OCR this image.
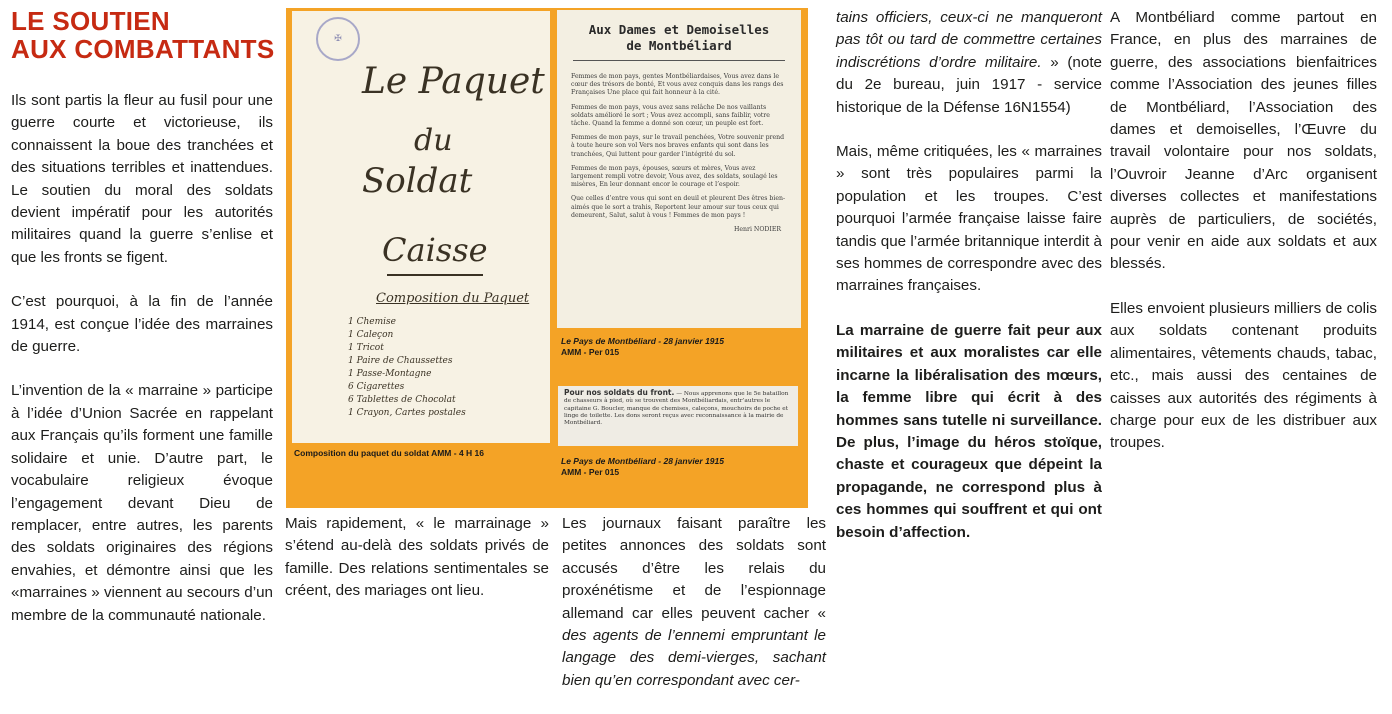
LE SOUTIEN
AUX COMBATTANTS

Ils sont partis la fleur au fusil pour une guerre courte et victorieuse, ils connaissent la boue des tranchées et des situations terribles et inattendues. Le soutien du moral des soldats devient impératif pour les autorités militaires quand la guerre s’enlise et que les fronts se figent.

C’est pourquoi, à la fin de l’année 1914, est conçue l’idée des marraines de guerre.

L’invention de la « marraine » participe à l’idée d’Union Sacrée en rappelant aux Français qu’ils forment une famille solidaire et unie. D’autre part, le vocabulaire religieux évoque l’engagement devant Dieu de remplacer, entre autres, les parents des soldats originaires des régions envahies, et démontre ainsi que les «marraines » viennent au secours d’un membre de la communauté nationale.

✠
Le Paquet
du
Soldat
Caisse
Composition du Paquet
1 Chemise
1 Caleçon
1 Tricot
1 Paire de Chaussettes
1 Passe-Montagne
6 Cigarettes
6 Tablettes de Chocolat
1 Crayon, Cartes postales
Composition du paquet du soldat AMM - 4 H 16
Aux Dames et Demoiselles
de Montbéliard

Femmes de mon pays, gentes Montbéliardaises, Vous avez dans le cœur des trésors de bonté, Et vous avez conquis dans les rangs des Françaises Une place qui fait honneur à la cité.

Femmes de mon pays, vous avez sans relâche De nos vaillants soldats amélioré le sort ; Vous avez accompli, sans faiblir, votre tâche. Quand la femme a donné son cœur, un peuple est fort.

Femmes de mon pays, sur le travail penchées, Votre souvenir prend à toute heure son vol Vers nos braves enfants qui sont dans les tranchées, Qui luttent pour garder l’intégrité du sol.

Femmes de mon pays, épouses, sœurs et mères, Vous avez largement rempli votre devoir, Vous avez, des soldats, soulagé les misères, En leur donnant encor le courage et l’espoir.

Que celles d’entre vous qui sont en deuil et pleurent Des êtres bien-aimés que le sort a trahis, Reportent leur amour sur tous ceux qui demeurent, Salut, salut à vous ! Femmes de mon pays !

Henri NODIER
Le Pays de Montbéliard - 28 janvier 1915
AMM - Per 015
Pour nos soldats du front. — Nous apprenons que le 5e bataillon de chasseurs à pied, où se trouvent des Montbéliardais, entr’autres le capitaine G. Boucler, manque de chemises, caleçons, mouchoirs de poche et linge de toilette. Les dons seront reçus avec reconnaissance à la mairie de Montbéliard.
Le Pays de Montbéliard - 28 janvier 1915
AMM - Per 015

Mais rapidement, « le marrainage » s’étend au-delà des soldats privés de famille. Des relations sentimentales se créent, des mariages ont lieu.

Les journaux faisant paraître les petites annonces des soldats sont accusés d’être les relais du proxénétisme et de l’espionnage allemand car elles peuvent cacher « des agents de l’ennemi empruntant le langage des demi-vierges, sachant bien qu’en correspondant avec cer-

tains officiers, ceux-ci ne manqueront pas tôt ou tard de commettre certaines indiscrétions d’ordre militaire. » (note du 2e bureau, juin 1917 - service historique de la Défense 16N1554)

Mais, même critiquées, les « marraines » sont très populaires parmi la population et les troupes. C’est pourquoi l’armée française laisse faire tandis que l’armée britannique interdit à ses hommes de correspondre avec des marraines françaises.

La marraine de guerre fait peur aux militaires et aux moralistes car elle incarne la libéralisation des mœurs, la femme libre qui écrit à des hommes sans tutelle ni surveillance. De plus, l’image du héros stoïque, chaste et courageux que dépeint la propagande, ne correspond plus à ces hommes qui souffrent et qui ont besoin d’affection.

A Montbéliard comme partout en France, en plus des marraines de guerre, des associations bienfaitrices comme l’Association des jeunes filles de Montbéliard, l’Association des dames et demoiselles, l’Œuvre du travail volontaire pour nos soldats, l’Ouvroir Jeanne d’Arc organisent diverses collectes et manifestations auprès de particuliers, de sociétés, pour venir en aide aux soldats et aux blessés.

Elles envoient plusieurs milliers de colis aux soldats contenant produits alimentaires, vêtements chauds, tabac, etc., mais aussi des centaines de caisses aux autorités des régiments à charge pour eux de les distribuer aux troupes.
